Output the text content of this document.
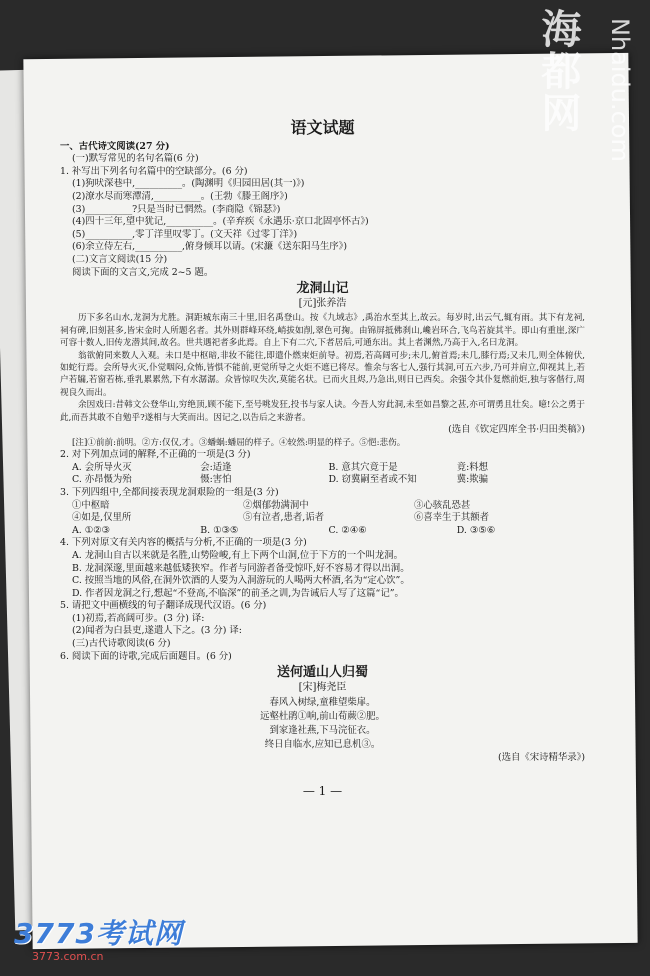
语文试题
一、古代诗文阅读(27 分)
(一)默写常见的名句名篇(6 分)
1. 补写出下列名句名篇中的空缺部分。(6 分)
(1)狗吠深巷中,__________。(陶渊明《归园田居(其一)》)
(2)潦水尽而寒潭清,__________。(王勃《滕王阁序》)
(3)__________?只是当时已惘然。(李商隐《锦瑟》)
(4)四十三年,望中犹记,__________。(辛弃疾《永遇乐·京口北固亭怀古》)
(5)__________,零丁洋里叹零丁。(文天祥《过零丁洋》)
(6)余立侍左右,__________,俯身倾耳以请。(宋濂《送东阳马生序》)
(二)文言文阅读(15 分)
阅读下面的文言文,完成 2~5 题。
龙洞山记
[元]张养浩
历下多名山水,龙洞为尤胜。洞距城东南三十里,旧名禹登山。按《九域志》,禹治水至其上,故云。每岁时,出云气,辄有雨。其下有龙祠,祠有碑,旧刻甚多,皆宋金时人所题名者。其外则群峰环绕,峭拔如削,翠色可掬。由锦屏抵佛刹山,巉岩环合,飞鸟若旋其半。即山有重崖,深广可容十数人,旧传龙潜其间,故名。世共遇祀者多此焉。自上下有二穴,下者居后,可通东出。其上者渊然,乃高于入,名曰龙洞。
翁欲俯同来数人入观。未口是中枢暗,非妆不能往,即遣仆燃束炬前导。初焉,若高阔可步;未几,俯首焉;未几,膝行焉;又未几,则全体俯伏,如蛇行焉。会所导火灭,仆觉咽闷,众怖,皆惧不能前,更觉所导之火炬不遮已将尽。惟余与客七人,强行其洞,可五六步,乃可并肩立,仰视其上,若户若牖,若窗若栋,垂乳累累然,下有水潺潺。众皆惊叹失次,莫能名状。已而火且烬,乃急出,则日已西矣。余强令其仆复燃前炬,独与客偕行,周视良久而出。
余因戏曰:昔韩文公登华山,穷绝顶,顾不能下,至号咷发狂,投书与家人诀。今吾人穷此洞,未至如昌黎之甚,亦可谓勇且壮矣。噫!公之勇于此,而吾其敢不自勉乎?遂相与大笑而出。因记之,以告后之来游者。
(选自《钦定四库全书·归田类稿》)
[注]①前前:前明。②方:仅仅,才。③蟠蜗:蟠屈的样子。④较然:明显的样子。⑤悒:悲伤。
2. 对下列加点词的解释,不正确的一项是(3 分)
A. 会所导火灭	会:适逢	B. 意其穴竟于是	竟:料想
C. 亦昂慑为殆	慑:害怕	D. 窃冀嗣至者或不知	冀:欺骗
3. 下列四组中,全都间接表现龙洞艰险的一组是(3 分)
①中枢暗	②烟郁勃满洞中	③心骇乱恐甚
④如是,仅里所	⑤有泣者,患者,诟者	⑥喜幸生于其额者
A. ①②③	B. ①③⑤	C. ②④⑥	D. ③⑤⑥
4. 下列对原文有关内容的概括与分析,不正确的一项是(3 分)
A. 龙洞山自古以来就是名胜,山势险峻,有上下两个山洞,位于下方的一个叫龙洞。
B. 龙洞深邃,里面越来越低矮狭窄。作者与同游者备受惊吓,好不容易才得以出洞。
C. 按照当地的风俗,在洞外饮酒的人要为入洞游玩的人喝两大杯酒,名为“定心饮”。
D. 作者因龙洞之行,想起“不登高,不临深”的前圣之训,为告诫后人写了这篇“记”。
5. 请把文中画横线的句子翻译成现代汉语。(6 分)
(1)初焉,若高阔可步。(3 分) 译:
(2)闻者为白县吏,遂遣人下之。(3 分) 译:
(三)古代诗歌阅读(6 分)
6. 阅读下面的诗歌,完成后面题目。(6 分)
送何遁山人归蜀
[宋]梅尧臣
春风入树绿,童稚望柴扉。
远壑杜鹃①响,前山荀蕨②肥。
到家逢社燕,下马浣征衣。
终日自临水,应知已息机③。
(选自《宋诗精华录》)
— 1 —
海都网 Nhaidu.com
3773考试网
3773.com.cn
